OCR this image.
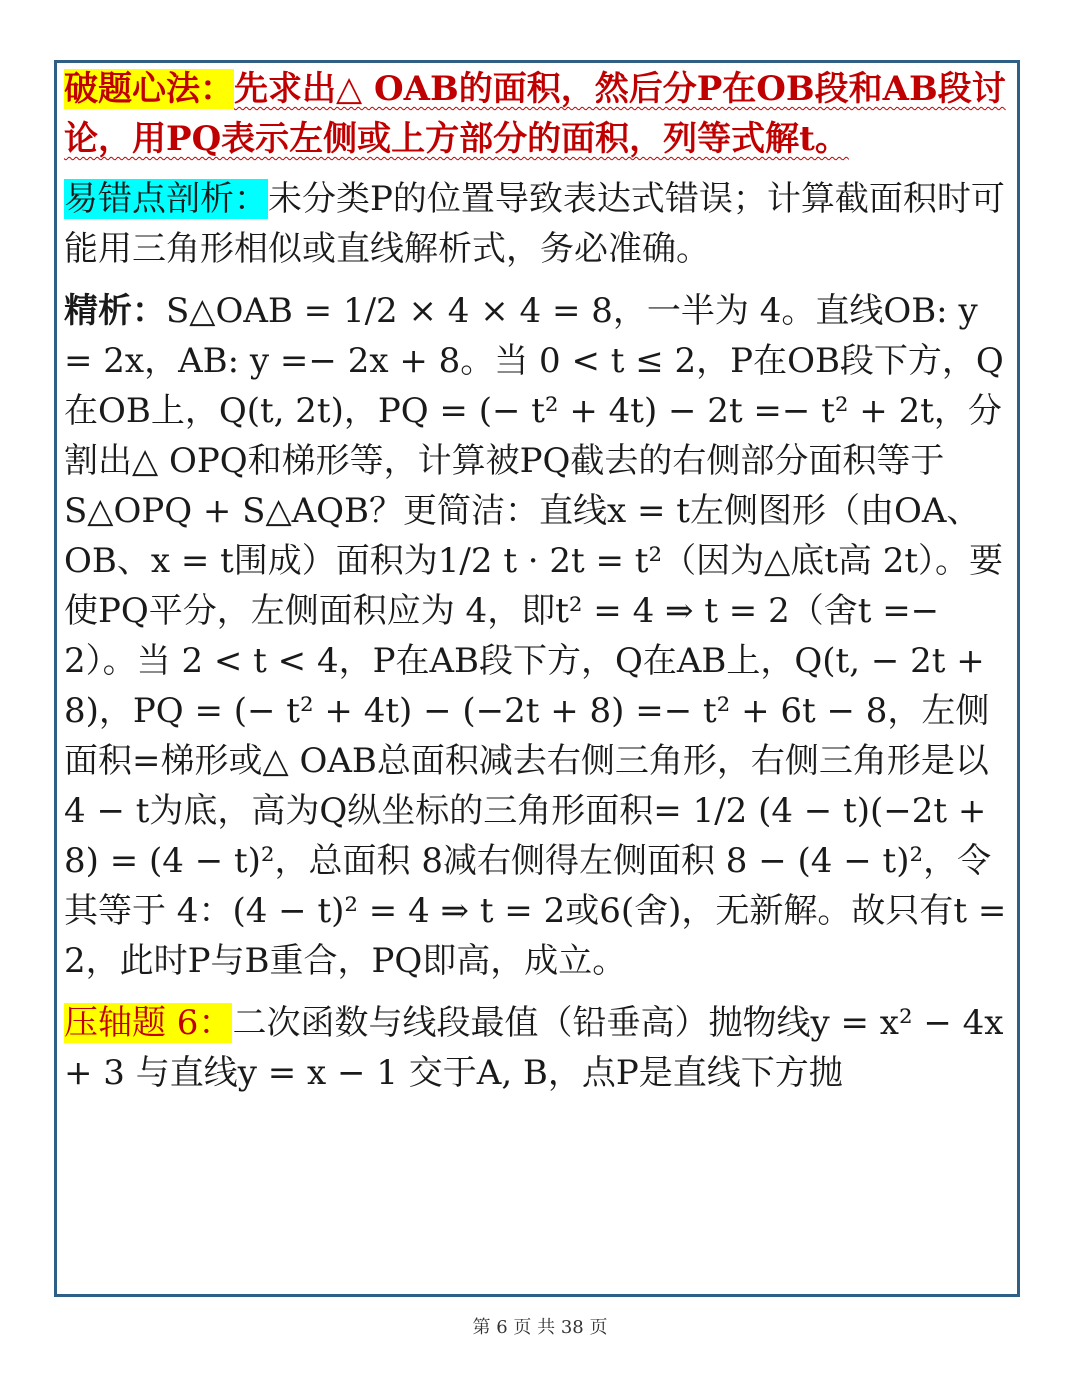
破题心法：先求出△ OAB的面积，然后分P在OB段和AB段讨论，用PQ表示左侧或上方部分的面积，列等式解t。

易错点剖析：未分类P的位置导致表达式错误；计算截面积时可能用三角形相似或直线解析式，务必准确。

精析：S△OAB = 1/2 × 4 × 4 = 8，一半为 4。直线OB: y = 2x，AB: y =− 2x + 8。当 0 < t ≤ 2，P在OB段下方，Q在OB上，Q(t, 2t)，PQ = (− t² + 4t) − 2t =− t² + 2t，分割出△ OPQ和梯形等，计算被PQ截去的右侧部分面积等于S△OPQ + S△AQB？更简洁：直线x = t左侧图形（由OA、OB、x = t围成）面积为1/2 t · 2t = t²（因为△底t高 2t）。要使PQ平分，左侧面积应为 4，即t² = 4 ⇒ t = 2（舍t =− 2）。当 2 < t < 4，P在AB段下方，Q在AB上，Q(t, − 2t + 8)，PQ = (− t² + 4t) − (−2t + 8) =− t² + 6t − 8，左侧面积=梯形或△ OAB总面积减去右侧三角形，右侧三角形是以 4 − t为底，高为Q纵坐标的三角形面积= 1/2 (4 − t)(−2t + 8) = (4 − t)²，总面积 8减右侧得左侧面积 8 − (4 − t)²，令其等于 4：(4 − t)² = 4 ⇒ t = 2或6(舍)，无新解。故只有t = 2，此时P与B重合，PQ即高，成立。

压轴题 6：二次函数与线段最值（铅垂高）抛物线y = x² − 4x + 3 与直线y = x − 1 交于A, B，点P是直线下方抛

第 6 页 共 38 页
